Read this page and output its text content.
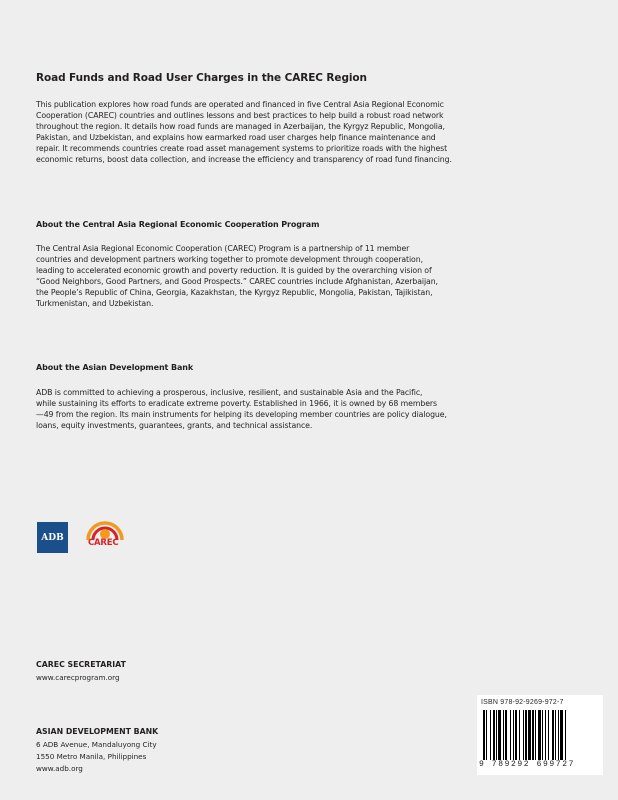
Road Funds and Road User Charges in the CAREC Region
This publication explores how road funds are operated and financed in five Central Asia Regional Economic
Cooperation (CAREC) countries and outlines lessons and best practices to help build a robust road network
throughout the region. It details how road funds are managed in Azerbaijan, the Kyrgyz Republic, Mongolia,
Pakistan, and Uzbekistan, and explains how earmarked road user charges help finance maintenance and
repair. It recommends countries create road asset management systems to prioritize roads with the highest
economic returns, boost data collection, and increase the efficiency and transparency of road fund financing.
About the Central Asia Regional Economic Cooperation Program
The Central Asia Regional Economic Cooperation (CAREC) Program is a partnership of 11 member
countries and development partners working together to promote development through cooperation,
leading to accelerated economic growth and poverty reduction. It is guided by the overarching vision of
“Good Neighbors, Good Partners, and Good Prospects.” CAREC countries include Afghanistan, Azerbaijan,
the People’s Republic of China, Georgia, Kazakhstan, the Kyrgyz Republic, Mongolia, Pakistan, Tajikistan,
Turkmenistan, and Uzbekistan.
About the Asian Development Bank
ADB is committed to achieving a prosperous, inclusive, resilient, and sustainable Asia and the Pacific,
while sustaining its efforts to eradicate extreme poverty. Established in 1966, it is owned by 68 members
—49 from the region. Its main instruments for helping its developing member countries are policy dialogue,
loans, equity investments, guarantees, grants, and technical assistance.
ADB
CAREC
CAREC SECRETARIAT
www.carecprogram.org
ASIAN DEVELOPMENT BANK
6 ADB Avenue, Mandaluyong City
1550 Metro Manila, Philippines
www.adb.org
ISBN 978-92-9269-972-7
9 789292 699727
